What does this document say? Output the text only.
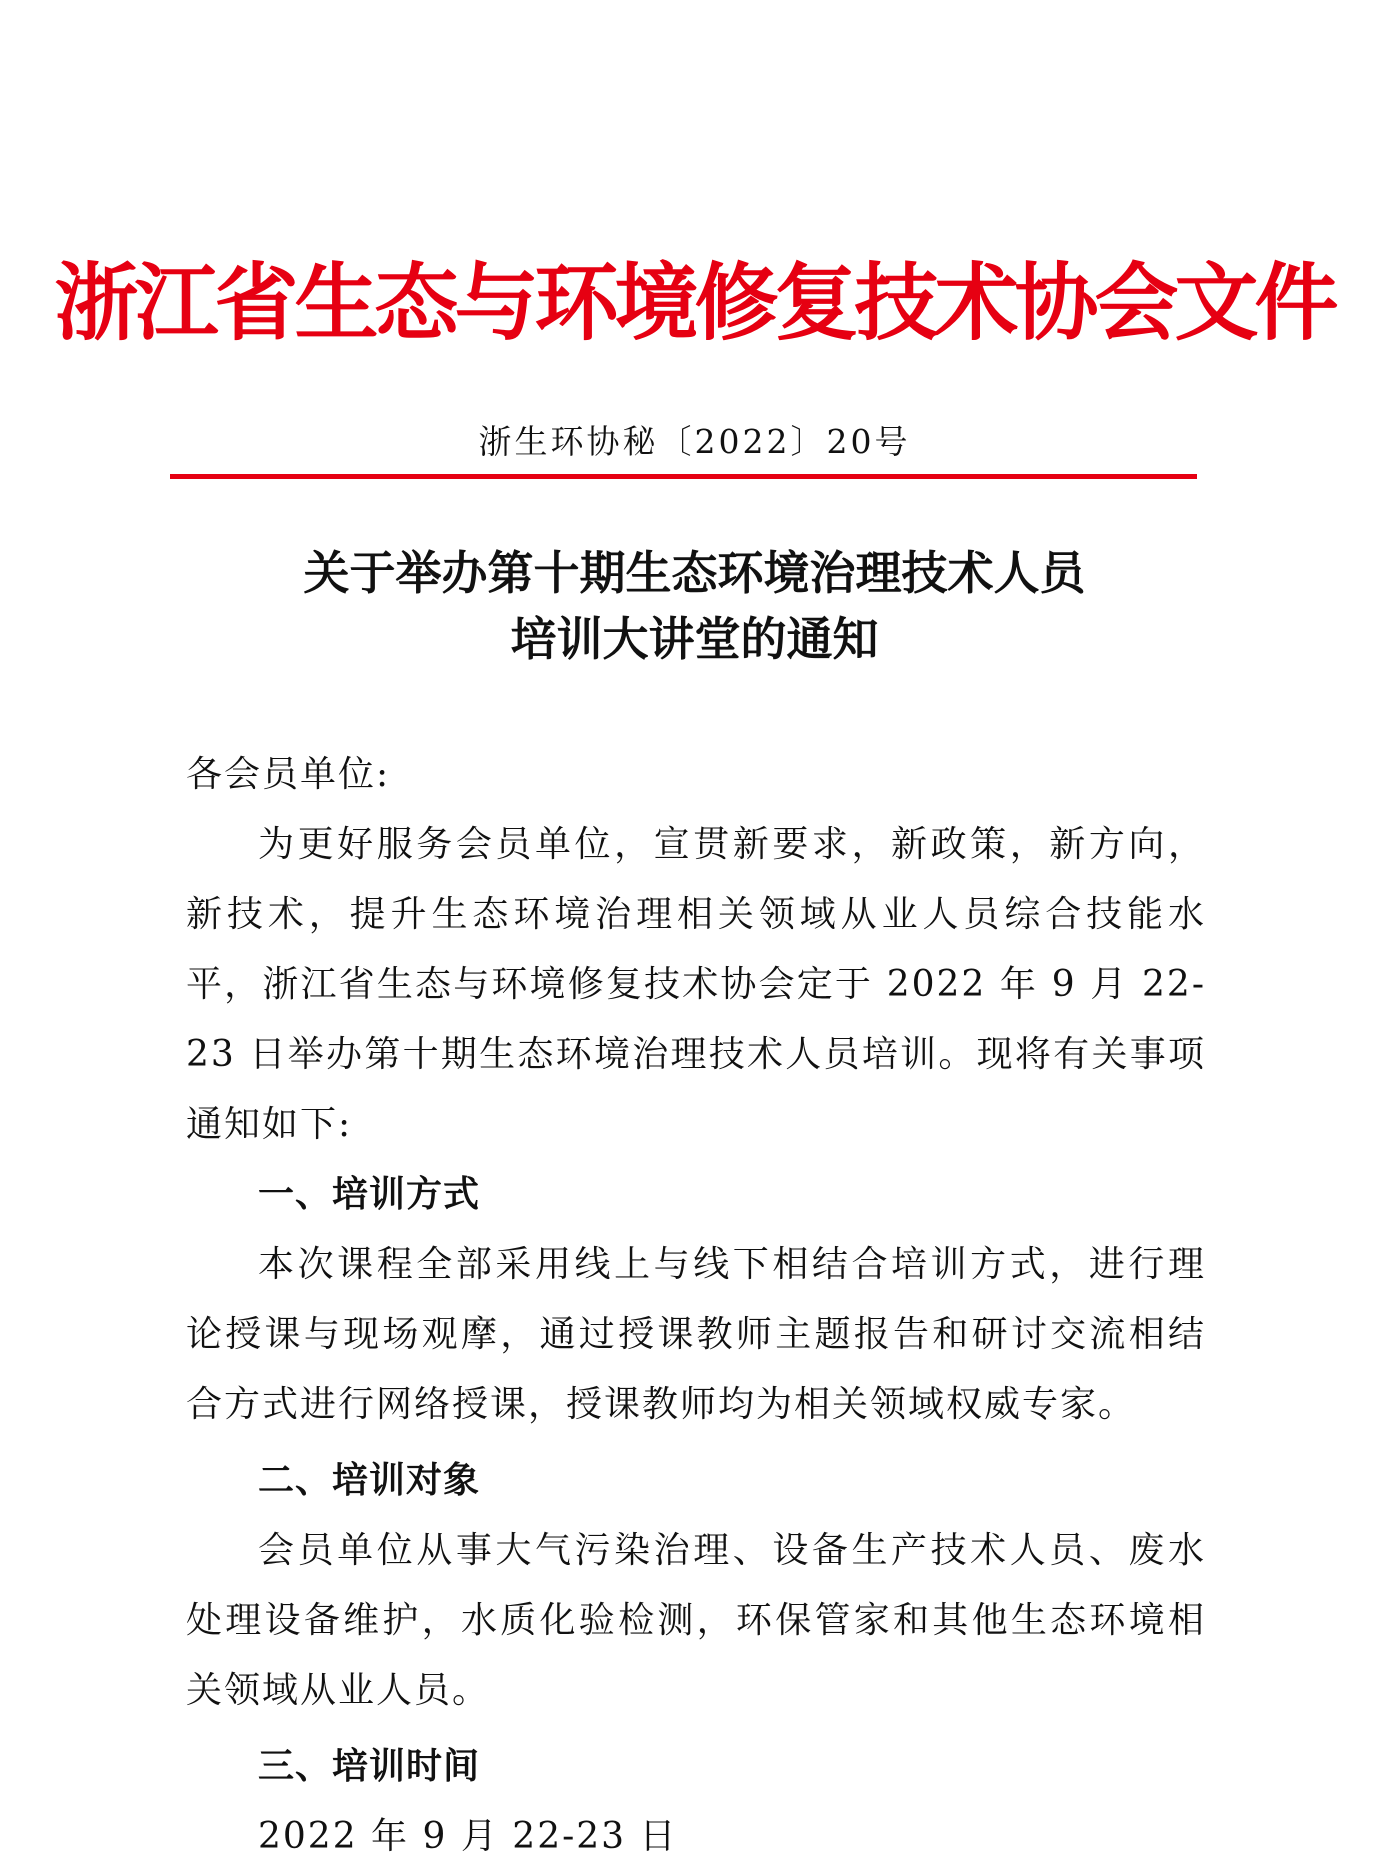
浙江省生态与环境修复技术协会文件
浙生环协秘〔2022〕20号
关于举办第十期生态环境治理技术人员
培训大讲堂的通知

各会员单位:

为更好服务会员单位，宣贯新要求，新政策，新方向，新技术，提升生态环境治理相关领域从业人员综合技能水平，浙江省生态与环境修复技术协会定于 2022 年 9 月 22-23 日举办第十期生态环境治理技术人员培训。现将有关事项通知如下:

一、培训方式

本次课程全部采用线上与线下相结合培训方式，进行理论授课与现场观摩，通过授课教师主题报告和研讨交流相结合方式进行网络授课，授课教师均为相关领域权威专家。

二、培训对象

会员单位从事大气污染治理、设备生产技术人员、废水处理设备维护，水质化验检测，环保管家和其他生态环境相关领域从业人员。

三、培训时间

2022 年 9 月 22-23 日
